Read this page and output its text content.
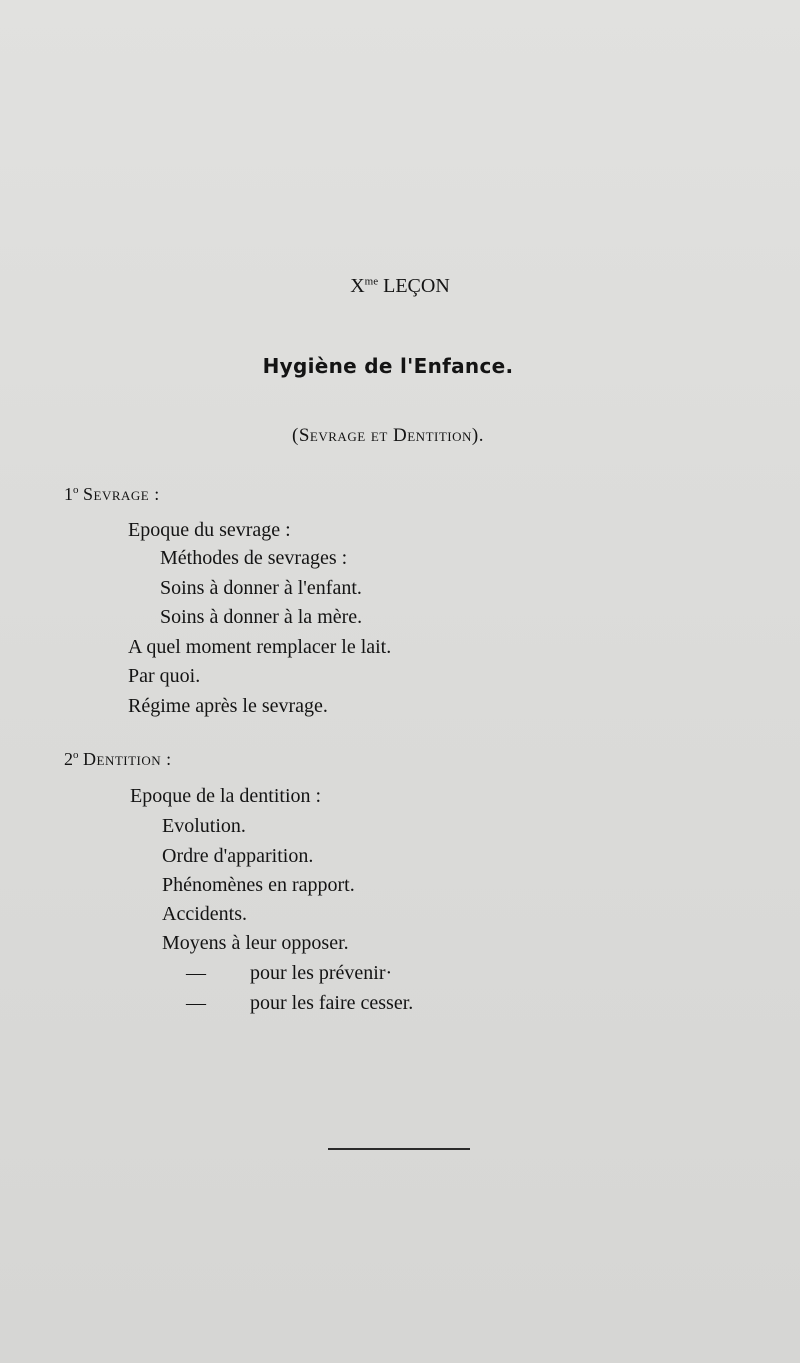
$X^{me}$ LEÇON
Hygiène de l'Enfance.
(Sevrage et Dentition).
1$^o$ Sevrage :
Epoque du sevrage :
Méthodes de sevrages :
Soins à donner à l'enfant.
Soins à donner à la mère.
A quel moment remplacer le lait.
Par quoi.
Régime après le sevrage.
2$^o$ Dentition :
Epoque de la dentition :
Evolution.
Ordre d'apparition.
Phénomènes en rapport.
Accidents.
Moyens à leur opposer.
— pour les prévenir·
— pour les faire cesser.
